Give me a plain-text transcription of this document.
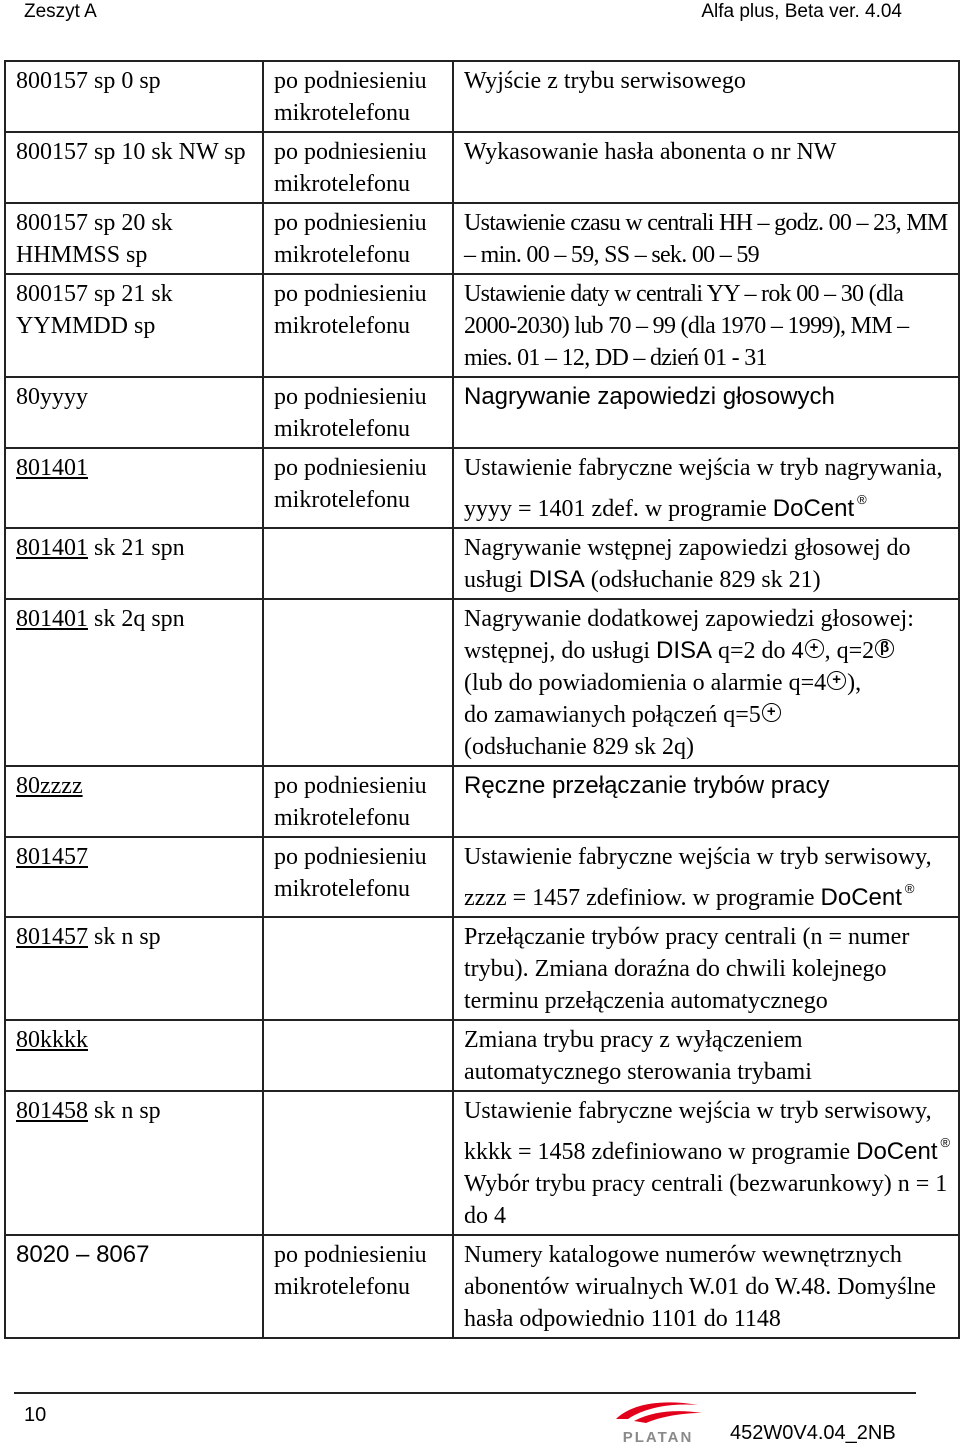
Zeszyt A	Alfa plus, Beta ver. 4.04
800157 sp 0 sp	po podniesieniu mikrotelefonu	Wyjście z trybu serwisowego
800157 sp 10 sk NW sp	po podniesieniu mikrotelefonu	Wykasowanie hasła abonenta o nr NW
800157 sp 20 sk HHMMSS sp	po podniesieniu mikrotelefonu	Ustawienie czasu w centrali HH – godz. 00 – 23, MM – min. 00 – 59, SS – sek. 00 – 59
800157 sp 21 sk YYMMDD sp	po podniesieniu mikrotelefonu	Ustawienie daty w centrali YY – rok 00 – 30 (dla 2000-2030) lub 70 – 99 (dla 1970 – 1999), MM – mies. 01 – 12, DD – dzień 01 - 31
80yyyy	po podniesieniu mikrotelefonu	Nagrywanie zapowiedzi głosowych
801401	po podniesieniu mikrotelefonu	Ustawienie fabryczne wejścia w tryb nagrywania, yyyy = 1401 zdef. w programie DoCent ®
801401 sk 21 spn		Nagrywanie wstępnej zapowiedzi głosowej do usługi DISA (odsłuchanie 829 sk 21)
801401 sk 2q spn		Nagrywanie dodatkowej zapowiedzi głosowej:
wstępnej, do usługi DISA q=2 do 4 + , q=2 β
(lub do powiadomienia o alarmie q=4 + ),
do zamawianych połączeń q=5 +
(odsłuchanie 829 sk 2q)

80zzzz	po podniesieniu mikrotelefonu	Ręczne przełączanie trybów pracy
801457	po podniesieniu mikrotelefonu	Ustawienie fabryczne wejścia w tryb serwisowy, zzzz = 1457 zdefiniow. w programie DoCent ®
801457 sk n sp		Przełączanie trybów pracy centrali (n = numer trybu). Zmiana doraźna do chwili kolejnego terminu przełączenia automatycznego
80kkkk		Zmiana trybu pracy z wyłączeniem automatycznego sterowania trybami
801458 sk n sp		Ustawienie fabryczne wejścia w tryb serwisowy, kkkk = 1458 zdefiniowano w programie DoCent ® Wybór trybu pracy centrali (bezwarunkowy) n = 1 do 4
8020 – 8067	po podniesieniu mikrotelefonu	Numery katalogowe numerów wewnętrznych abonentów wirualnych W.01 do W.48. Domyślne hasła odpowiednio 1101 do 1148
10
PLATAN 452W0V4.04_2NB
